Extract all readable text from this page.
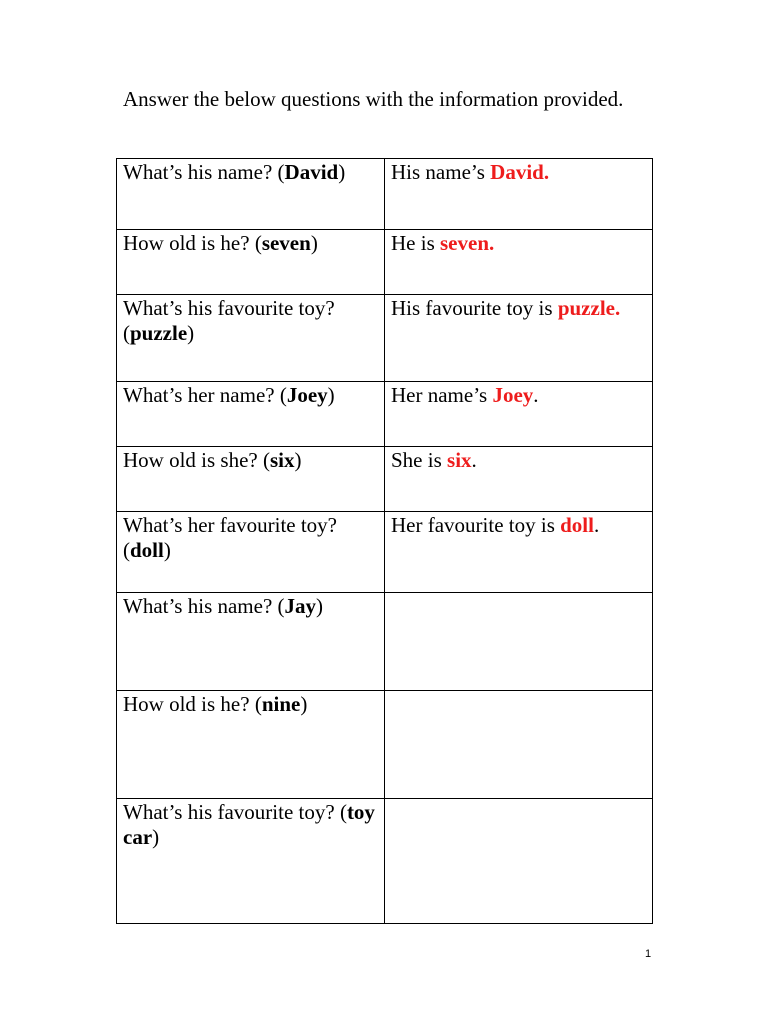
Answer the below questions with the information provided.

What’s his name? (David)	His name’s David.
How old is he? (seven)	He is seven.
What’s his favourite toy? (puzzle)	His favourite toy is puzzle.
What’s her name? (Joey)	Her name’s Joey.
How old is she? (six)	She is six.
What’s her favourite toy? (doll)	Her favourite toy is doll.
What’s his name? (Jay)	
How old is he? (nine)	
What’s his favourite toy? (toy car)	
1
